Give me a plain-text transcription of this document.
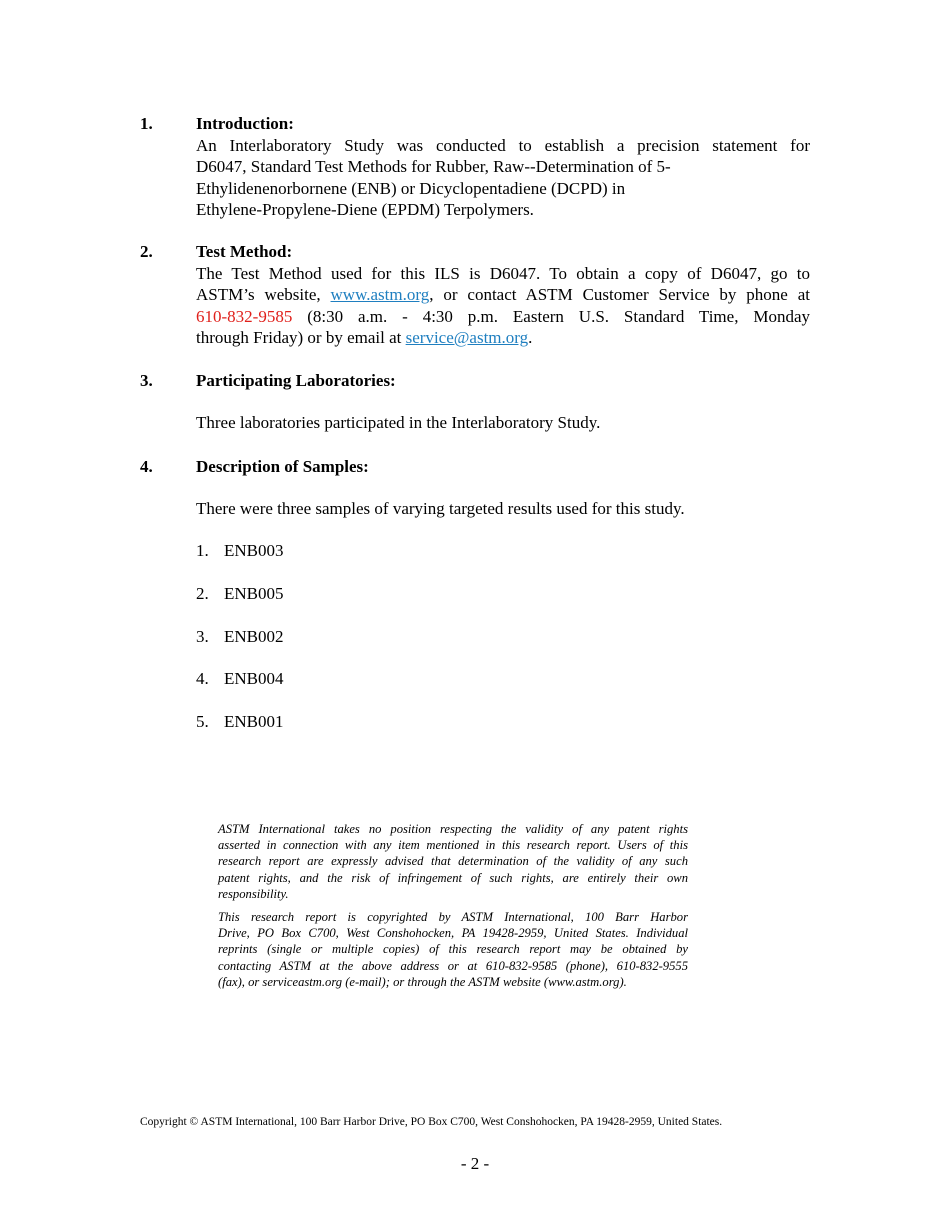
1.	Introduction:
An Interlaboratory Study was conducted to establish a precision statement for
D6047, Standard Test Methods for Rubber, Raw--Determination of 5-
Ethylidenenorbornene (ENB) or Dicyclopentadiene (DCPD) in
Ethylene-Propylene-Diene (EPDM) Terpolymers.
2.	Test Method:
The Test Method used for this ILS is D6047. To obtain a copy of D6047, go to
ASTM’s website, www.astm.org, or contact ASTM Customer Service by phone at
610-832-9585 (8:30 a.m. - 4:30 p.m. Eastern U.S. Standard Time, Monday
through Friday) or by email at service@astm.org.
3.	Participating Laboratories:
Three laboratories participated in the Interlaboratory Study.
4.	Description of Samples:
There were three samples of varying targeted results used for this study.
1. ENB003
2. ENB005
3. ENB002
4. ENB004
5. ENB001

ASTM International takes no position respecting the validity of any patent rights
asserted in connection with any item mentioned in this research report. Users of this
research report are expressly advised that determination of the validity of any such
patent rights, and the risk of infringement of such rights, are entirely their own
responsibility.

This research report is copyrighted by ASTM International, 100 Barr Harbor
Drive, PO Box C700, West Conshohocken, PA 19428-2959, United States. Individual
reprints (single or multiple copies) of this research report may be obtained by
contacting ASTM at the above address or at 610-832-9585 (phone), 610-832-9555
(fax), or serviceastm.org (e-mail); or through the ASTM website (www.astm.org).

Copyright © ASTM International, 100 Barr Harbor Drive, PO Box C700, West Conshohocken, PA 19428-2959, United States.
- 2 -
